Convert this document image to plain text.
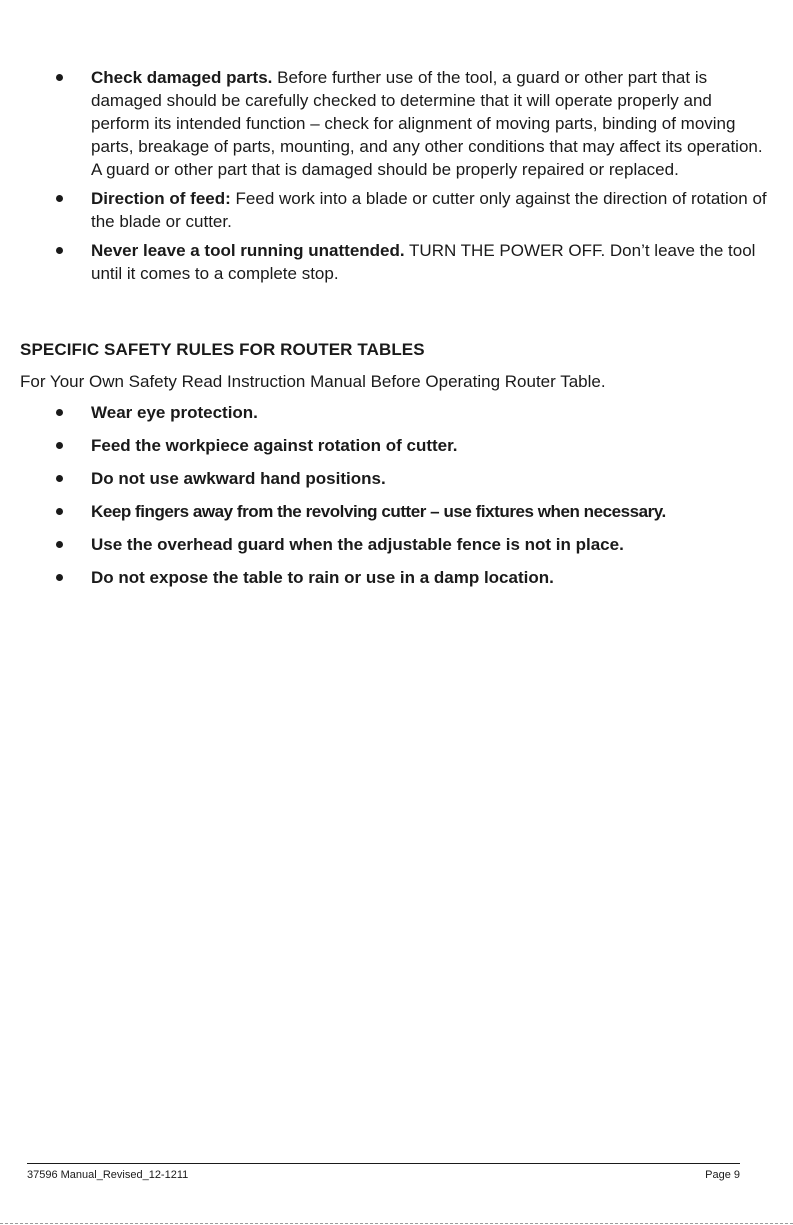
Check damaged parts. Before further use of the tool, a guard or other part that is damaged should be carefully checked to determine that it will operate properly and perform its intended function – check for alignment of moving parts, binding of moving parts, breakage of parts, mounting, and any other conditions that may affect its operation. A guard or other part that is damaged should be properly repaired or replaced.
Direction of feed: Feed work into a blade or cutter only against the direction of rotation of the blade or cutter.
Never leave a tool running unattended. TURN THE POWER OFF. Don’t leave the tool until it comes to a complete stop.
SPECIFIC SAFETY RULES FOR ROUTER TABLES

For Your Own Safety Read Instruction Manual Before Operating Router Table.

Wear eye protection.
Feed the workpiece against rotation of cutter.
Do not use awkward hand positions.
Keep fingers away from the revolving cutter – use fixtures when necessary.
Use the overhead guard when the adjustable fence is not in place.
Do not expose the table to rain or use in a damp location.
37596 Manual_Revised_12-1211	Page 9
